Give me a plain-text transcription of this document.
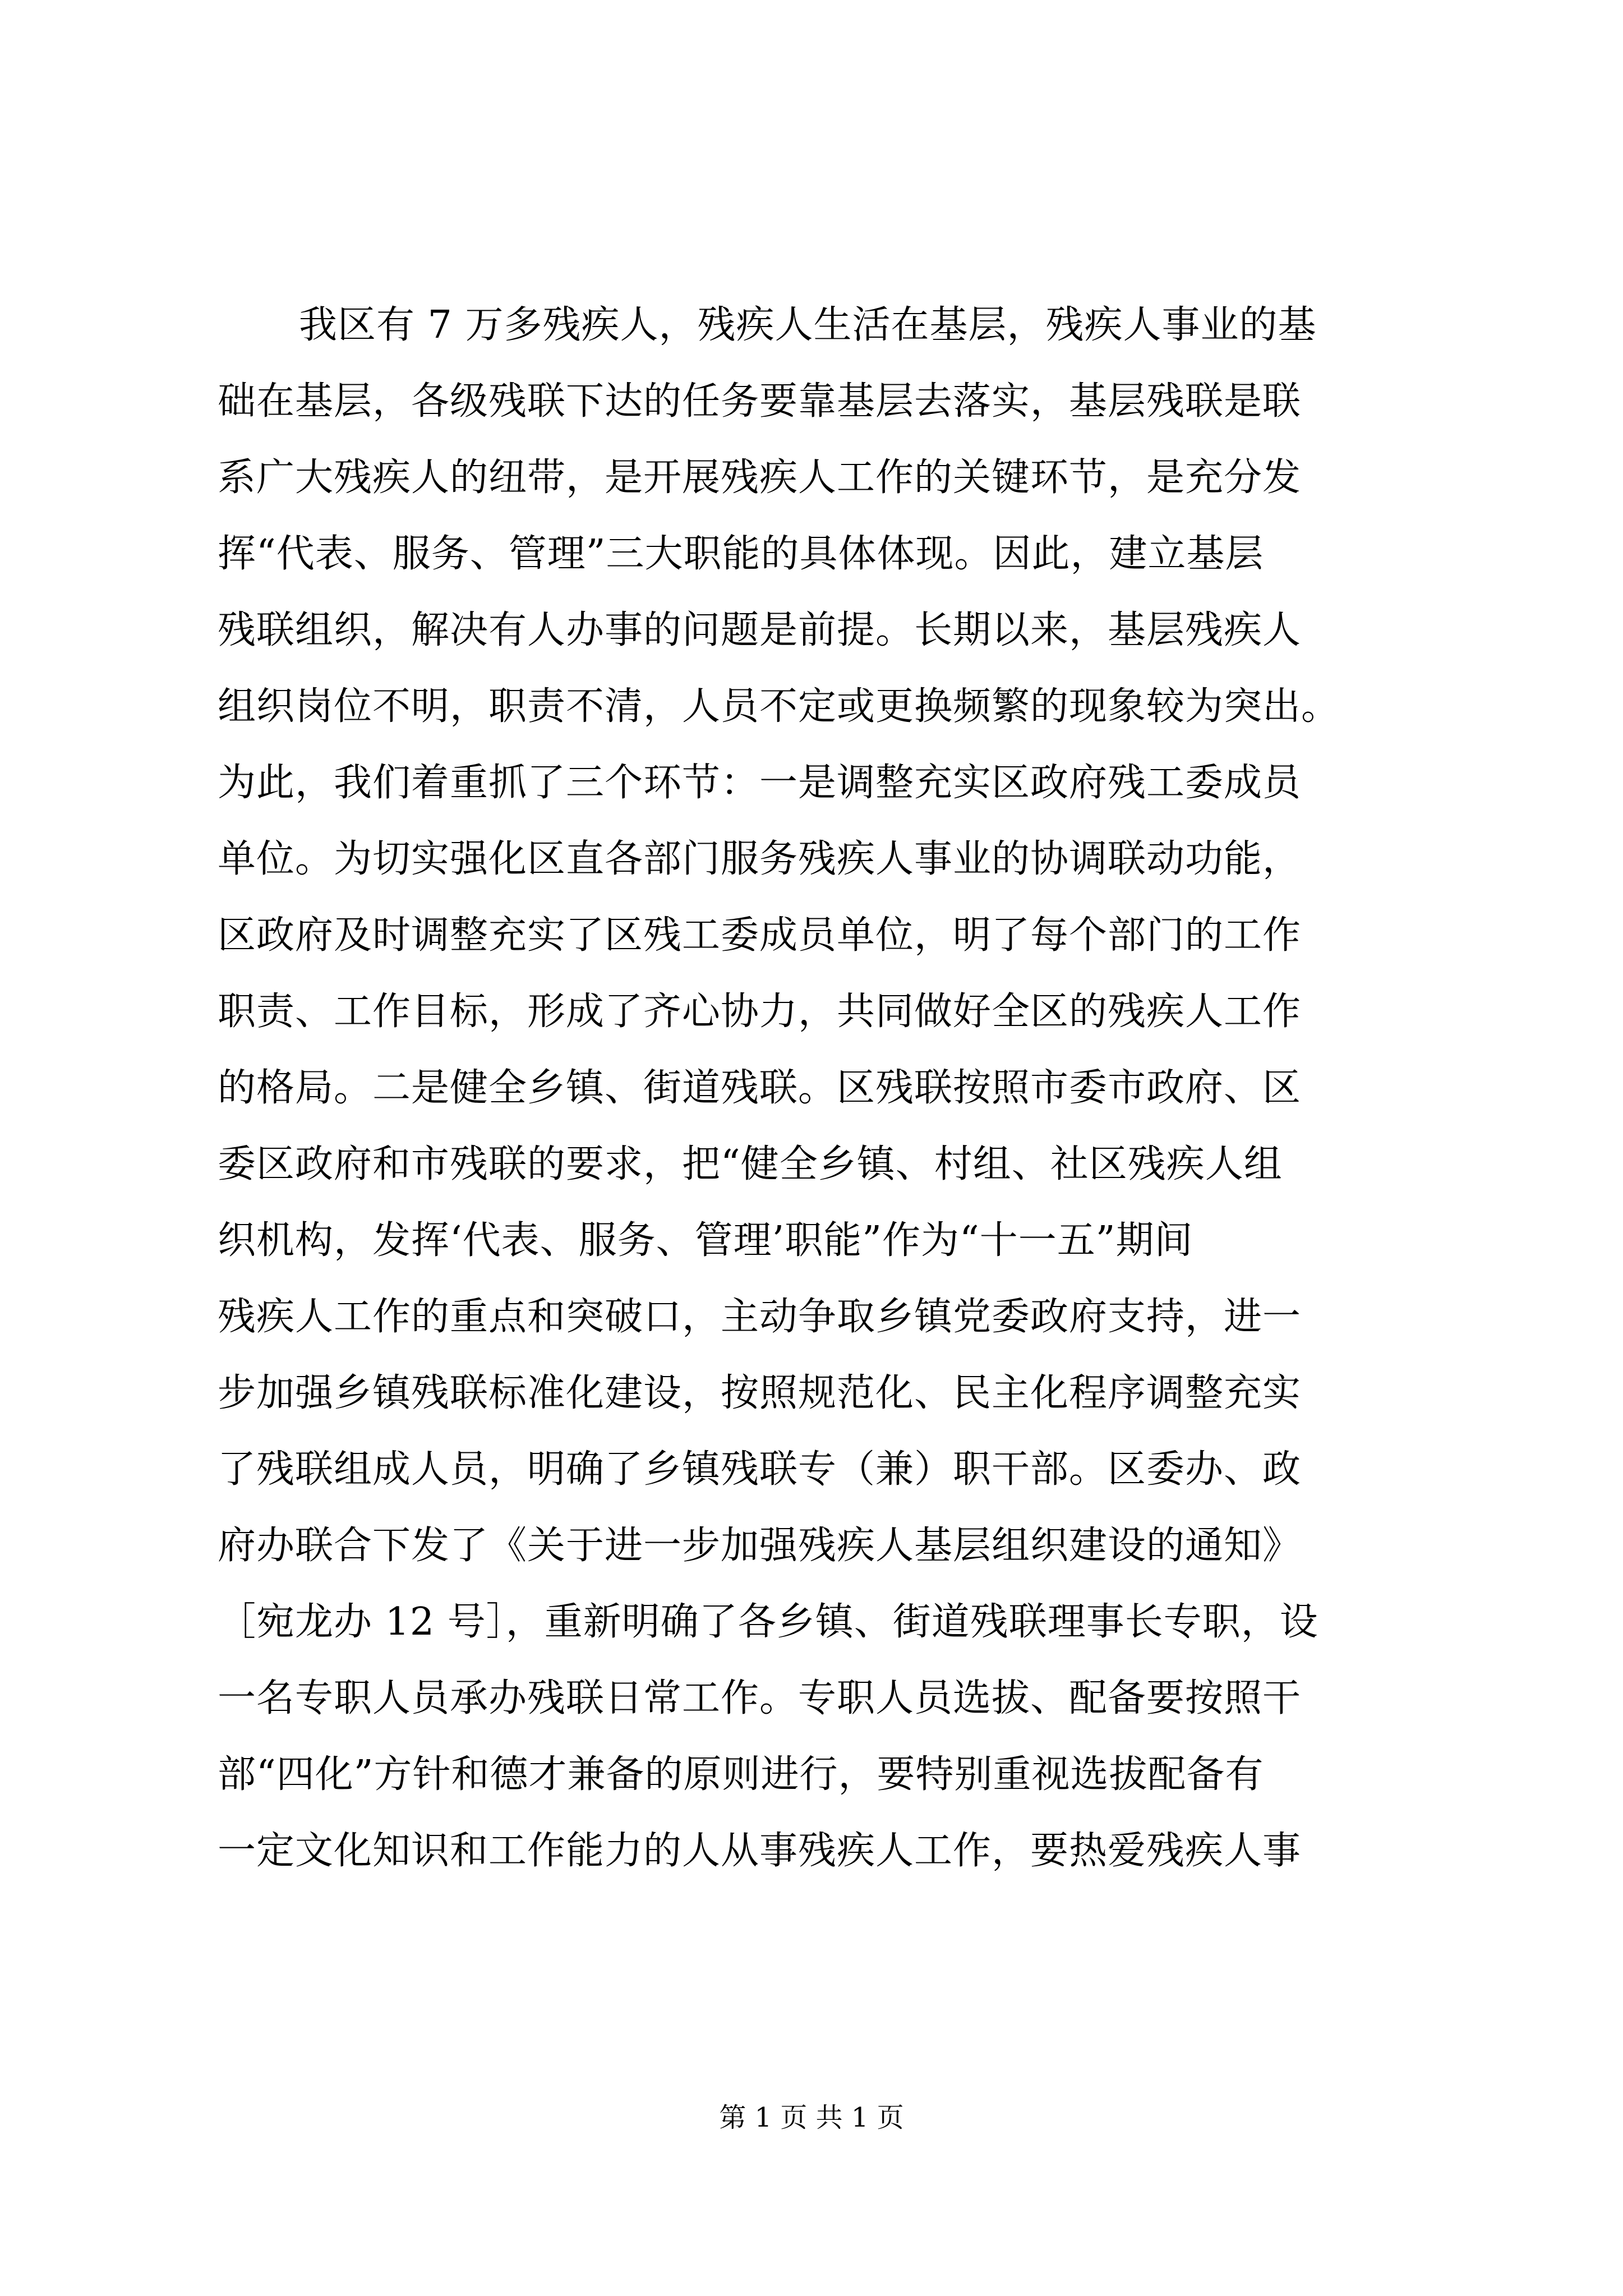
我区有 7 万多残疾人，残疾人生活在基层，残疾人事业的基
础在基层，各级残联下达的任务要靠基层去落实，基层残联是联
系广大残疾人的纽带，是开展残疾人工作的关键环节，是充分发
挥“代表、服务、管理”三大职能的具体体现。因此，建立基层
残联组织，解决有人办事的问题是前提。长期以来，基层残疾人
组织岗位不明，职责不清，人员不定或更换频繁的现象较为突出。
为此，我们着重抓了三个环节：一是调整充实区政府残工委成员
单位。为切实强化区直各部门服务残疾人事业的协调联动功能，
区政府及时调整充实了区残工委成员单位，明了每个部门的工作
职责、工作目标，形成了齐心协力，共同做好全区的残疾人工作
的格局。二是健全乡镇、街道残联。区残联按照市委市政府、区
委区政府和市残联的要求，把“健全乡镇、村组、社区残疾人组
织机构，发挥‘代表、服务、管理’职能”作为“十一五”期间
残疾人工作的重点和突破口，主动争取乡镇党委政府支持，进一
步加强乡镇残联标准化建设，按照规范化、民主化程序调整充实
了残联组成人员，明确了乡镇残联专（兼）职干部。区委办、政
府办联合下发了《关于进一步加强残疾人基层组织建设的通知》
［宛龙办 12 号］，重新明确了各乡镇、街道残联理事长专职，设
一名专职人员承办残联日常工作。专职人员选拔、配备要按照干
部“四化”方针和德才兼备的原则进行，要特别重视选拔配备有
一定文化知识和工作能力的人从事残疾人工作，要热爱残疾人事
第 1 页 共 1 页
